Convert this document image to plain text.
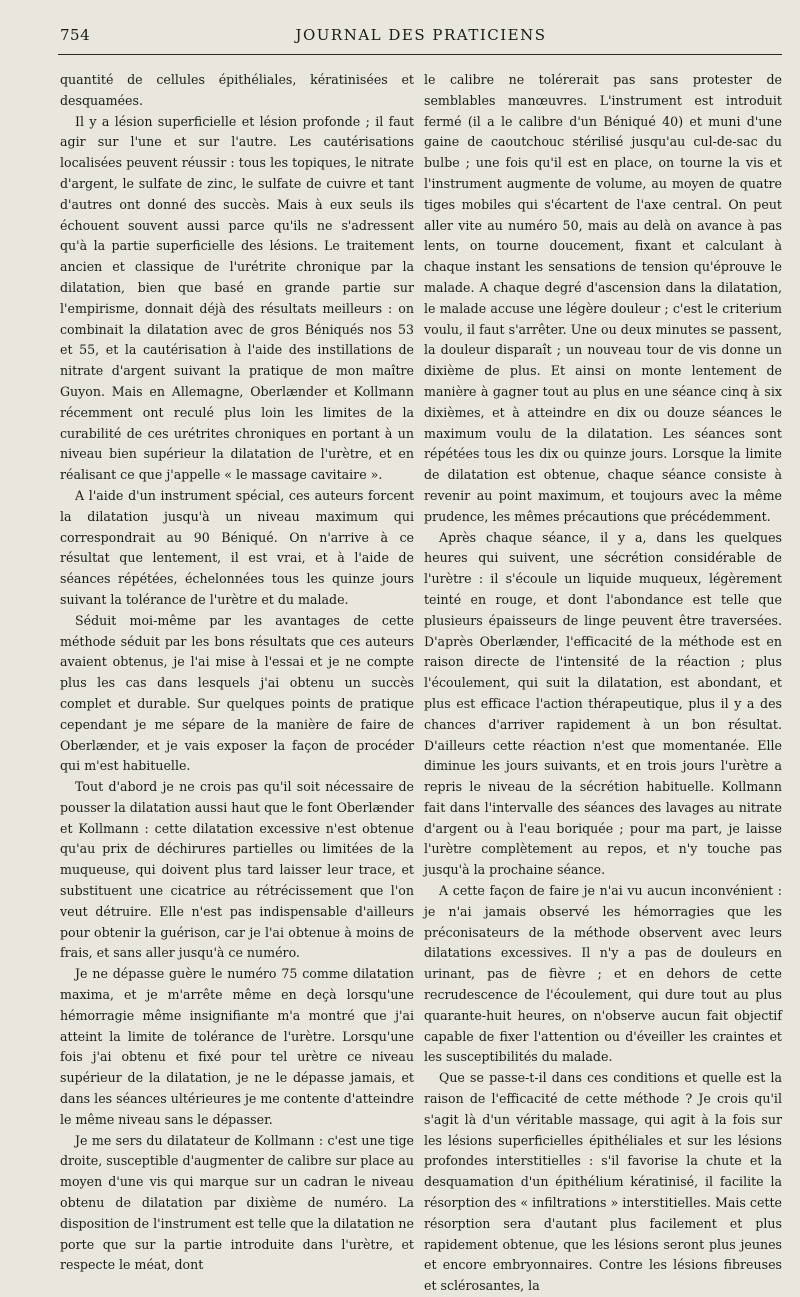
754	JOURNAL DES PRATICIENS

quantité de cellules épithéliales, kératinisées et desquamées.

Il y a lésion superficielle et lésion profonde ; il faut agir sur l'une et sur l'autre. Les cautérisations localisées peuvent réussir : tous les topiques, le nitrate d'argent, le sulfate de zinc, le sulfate de cuivre et tant d'autres ont donné des succès. Mais à eux seuls ils échouent souvent aussi parce qu'ils ne s'adressent qu'à la partie superficielle des lésions. Le traitement ancien et classique de l'urétrite chronique par la dilatation, bien que basé en grande partie sur l'empirisme, donnait déjà des résultats meilleurs : on combinait la dilatation avec de gros Béniqués nos 53 et 55, et la cautérisation à l'aide des instillations de nitrate d'argent suivant la pratique de mon maître Guyon. Mais en Allemagne, Oberlænder et Kollmann récemment ont reculé plus loin les limites de la curabilité de ces urétrites chroniques en portant à un niveau bien supérieur la dilatation de l'urètre, et en réalisant ce que j'appelle « le massage cavitaire ».

A l'aide d'un instrument spécial, ces auteurs forcent la dilatation jusqu'à un niveau maximum qui correspondrait au 90 Béniqué. On n'arrive à ce résultat que lentement, il est vrai, et à l'aide de séances répétées, échelonnées tous les quinze jours suivant la tolérance de l'urètre et du malade.

Séduit moi-même par les avantages de cette méthode séduit par les bons résultats que ces auteurs avaient obtenus, je l'ai mise à l'essai et je ne compte plus les cas dans lesquels j'ai obtenu un succès complet et durable. Sur quelques points de pratique cependant je me sépare de la manière de faire de Oberlænder, et je vais exposer la façon de procéder qui m'est habituelle.

Tout d'abord je ne crois pas qu'il soit nécessaire de pousser la dilatation aussi haut que le font Oberlænder et Kollmann : cette dilatation excessive n'est obtenue qu'au prix de déchirures partielles ou limitées de la muqueuse, qui doivent plus tard laisser leur trace, et substituent une cicatrice au rétrécissement que l'on veut détruire. Elle n'est pas indispensable d'ailleurs pour obtenir la guérison, car je l'ai obtenue à moins de frais, et sans aller jusqu'à ce numéro.

Je ne dépasse guère le numéro 75 comme dilatation maxima, et je m'arrête même en deçà lorsqu'une hémorragie même insignifiante m'a montré que j'ai atteint la limite de tolérance de l'urètre. Lorsqu'une fois j'ai obtenu et fixé pour tel urètre ce niveau supérieur de la dilatation, je ne le dépasse jamais, et dans les séances ultérieures je me contente d'atteindre le même niveau sans le dépasser.

Je me sers du dilatateur de Kollmann : c'est une tige droite, susceptible d'augmenter de calibre sur place au moyen d'une vis qui marque sur un cadran le niveau obtenu de dilatation par dixième de numéro. La disposition de l'instrument est telle que la dilatation ne porte que sur la partie introduite dans l'urètre, et respecte le méat, dont

le calibre ne tolérerait pas sans protester de semblables manœuvres. L'instrument est introduit fermé (il a le calibre d'un Béniqué 40) et muni d'une gaine de caoutchouc stérilisé jusqu'au cul-de-sac du bulbe ; une fois qu'il est en place, on tourne la vis et l'instrument augmente de volume, au moyen de quatre tiges mobiles qui s'écartent de l'axe central. On peut aller vite au numéro 50, mais au delà on avance à pas lents, on tourne doucement, fixant et calculant à chaque instant les sensations de tension qu'éprouve le malade. A chaque degré d'ascension dans la dilatation, le malade accuse une légère douleur ; c'est le criterium voulu, il faut s'arrêter. Une ou deux minutes se passent, la douleur disparaît ; un nouveau tour de vis donne un dixième de plus. Et ainsi on monte lentement de manière à gagner tout au plus en une séance cinq à six dixièmes, et à atteindre en dix ou douze séances le maximum voulu de la dilatation. Les séances sont répétées tous les dix ou quinze jours. Lorsque la limite de dilatation est obtenue, chaque séance consiste à revenir au point maximum, et toujours avec la même prudence, les mêmes précautions que précédemment.

Après chaque séance, il y a, dans les quelques heures qui suivent, une sécrétion considérable de l'urètre : il s'écoule un liquide muqueux, légèrement teinté en rouge, et dont l'abondance est telle que plusieurs épaisseurs de linge peuvent être traversées. D'après Oberlænder, l'efficacité de la méthode est en raison directe de l'intensité de la réaction ; plus l'écoulement, qui suit la dilatation, est abondant, et plus est efficace l'action thérapeutique, plus il y a des chances d'arriver rapidement à un bon résultat. D'ailleurs cette réaction n'est que momentanée. Elle diminue les jours suivants, et en trois jours l'urètre a repris le niveau de la sécrétion habituelle. Kollmann fait dans l'intervalle des séances des lavages au nitrate d'argent ou à l'eau boriquée ; pour ma part, je laisse l'urètre complètement au repos, et n'y touche pas jusqu'à la prochaine séance.

A cette façon de faire je n'ai vu aucun inconvénient : je n'ai jamais observé les hémorragies que les préconisateurs de la méthode observent avec leurs dilatations excessives. Il n'y a pas de douleurs en urinant, pas de fièvre ; et en dehors de cette recrudescence de l'écoulement, qui dure tout au plus quarante-huit heures, on n'observe aucun fait objectif capable de fixer l'attention ou d'éveiller les craintes et les susceptibilités du malade.

Que se passe-t-il dans ces conditions et quelle est la raison de l'efficacité de cette méthode ? Je crois qu'il s'agit là d'un véritable massage, qui agit à la fois sur les lésions superficielles épithéliales et sur les lésions profondes interstitielles : s'il favorise la chute et la desquamation d'un épithélium kératinisé, il facilite la résorption des « infiltrations » interstitielles. Mais cette résorption sera d'autant plus facilement et plus rapidement obtenue, que les lésions seront plus jeunes et encore embryonnaires. Contre les lésions fibreuses et sclérosantes, la
